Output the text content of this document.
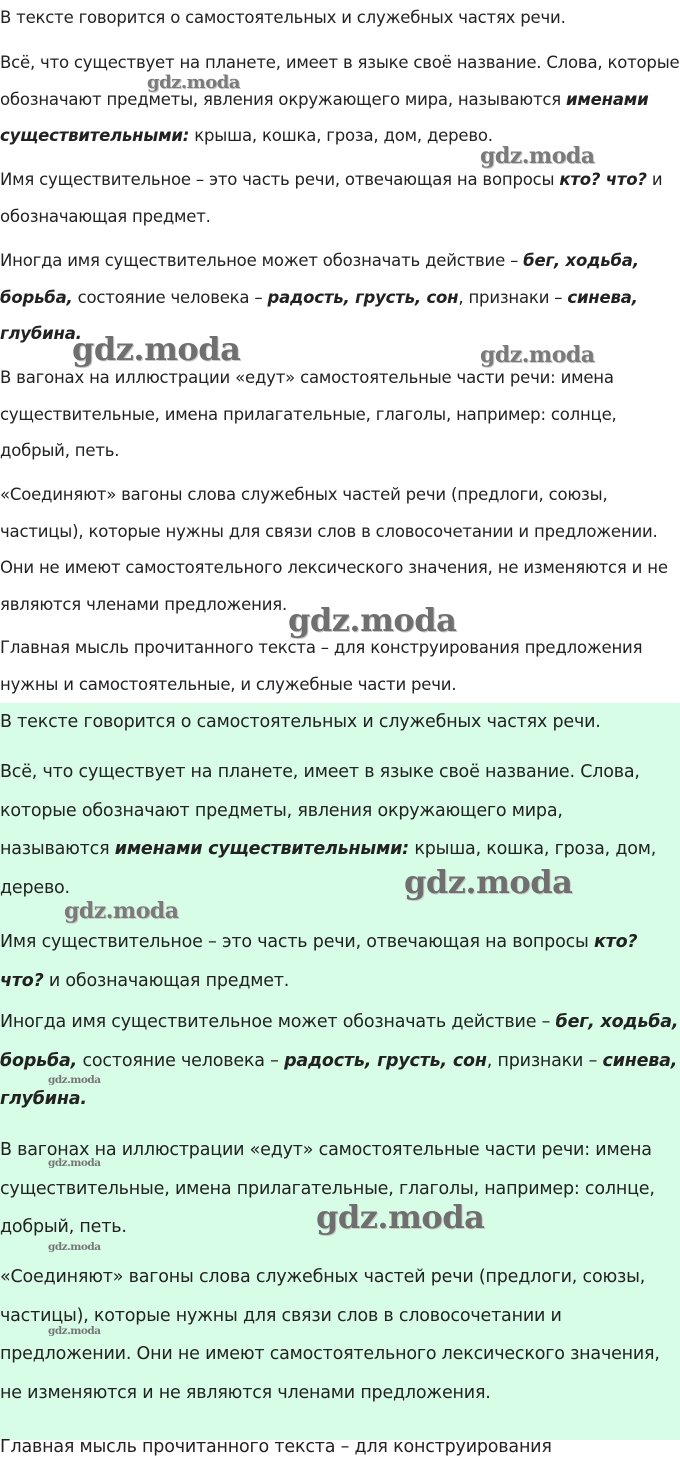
В тексте говорится о самостоятельных и служебных частях речи.
Всё, что существует на планете, имеет в языке своё название. Слова, которые
обозначают предметы, явления окружающего мира, называются именами
существительными: крыша, кошка, гроза, дом, дерево.
Имя существительное – это часть речи, отвечающая на вопросы кто? что? и
обозначающая предмет.
Иногда имя существительное может обозначать действие – бег, ходьба,
борьба, состояние человека – радость, грусть, сон, признаки – синева,
глубина.
В вагонах на иллюстрации «едут» самостоятельные части речи: имена
существительные, имена прилагательные, глаголы, например: солнце,
добрый, петь.
«Соединяют» вагоны слова служебных частей речи (предлоги, союзы,
частицы), которые нужны для связи слов в словосочетании и предложении.
Они не имеют самостоятельного лексического значения, не изменяются и не
являются членами предложения.
Главная мысль прочитанного текста – для конструирования предложения
нужны и самостоятельные, и служебные части речи.
В тексте говорится о самостоятельных и служебных частях речи.
Всё, что существует на планете, имеет в языке своё название. Слова,
которые обозначают предметы, явления окружающего мира,
называются именами существительными: крыша, кошка, гроза, дом,
дерево.
Имя существительное – это часть речи, отвечающая на вопросы кто?
что? и обозначающая предмет.
Иногда имя существительное может обозначать действие – бег, ходьба,
борьба, состояние человека – радость, грусть, сон, признаки – синева,
глубина.
В вагонах на иллюстрации «едут» самостоятельные части речи: имена
существительные, имена прилагательные, глаголы, например: солнце,
добрый, петь.
«Соединяют» вагоны слова служебных частей речи (предлоги, союзы,
частицы), которые нужны для связи слов в словосочетании и
предложении. Они не имеют самостоятельного лексического значения,
не изменяются и не являются членами предложения.
Главная мысль прочитанного текста – для конструирования
gdz.moda
gdz.moda
gdz.moda	gdz.moda
gdz.moda
gdz.moda
gdz.moda
gdz.moda
gdz.moda
gdz.moda
gdz.moda
gdz.moda
